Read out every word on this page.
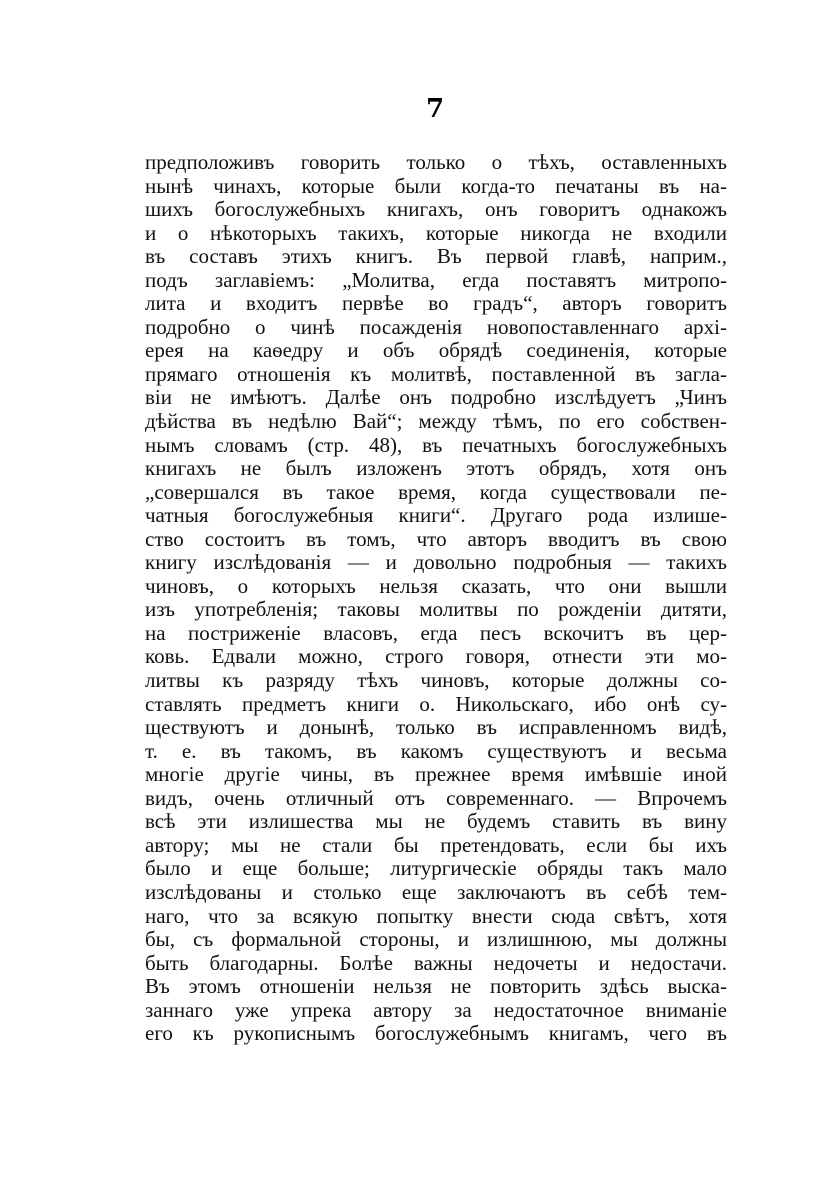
7
предположивъ говорить только о тѣхъ, оставленныхъ
нынѣ чинахъ, которые были когда-то печатаны въ на-
шихъ богослужебныхъ книгахъ, онъ говоритъ однакожъ
и о нѣкоторыхъ такихъ, которые никогда не входили
въ составъ этихъ книгъ. Въ первой главѣ, наприм.,
подъ заглавіемъ: „Молитва, егда поставятъ митропо-
лита и входитъ первѣе во градъ“, авторъ говоритъ
подробно о чинѣ посажденія новопоставленнаго архі-
ерея на каѳедру и объ обрядѣ соединенія, которые
прямаго отношенія къ молитвѣ, поставленной въ загла-
віи не имѣютъ. Далѣе онъ подробно изслѣдуетъ „Чинъ
дѣйства въ недѣлю Вай“; между тѣмъ, по его собствен-
нымъ словамъ (стр. 48), въ печатныхъ богослужебныхъ
книгахъ не былъ изложенъ этотъ обрядъ, хотя онъ
„совершался въ такое время, когда существовали пе-
чатныя богослужебныя книги“. Другаго рода излише-
ство состоитъ въ томъ, что авторъ вводитъ въ свою
книгу изслѣдованія — и довольно подробныя — такихъ
чиновъ, о которыхъ нельзя сказать, что они вышли
изъ употребленія; таковы молитвы по рожденіи дитяти,
на постриженіе власовъ, егда песъ вскочитъ въ цер-
ковь. Едвали можно, строго говоря, отнести эти мо-
литвы къ разряду тѣхъ чиновъ, которые должны со-
ставлять предметъ книги о. Никольскаго, ибо онѣ су-
ществуютъ и донынѣ, только въ исправленномъ видѣ,
т. е. въ такомъ, въ какомъ существуютъ и весьма
многіе другіе чины, въ прежнее время имѣвшіе иной
видъ, очень отличный отъ современнаго. — Впрочемъ
всѣ эти излишества мы не будемъ ставить въ вину
автору; мы не стали бы претендовать, если бы ихъ
было и еще больше; литургическіе обряды такъ мало
изслѣдованы и столько еще заключаютъ въ себѣ тем-
наго, что за всякую попытку внести сюда свѣтъ, хотя
бы, съ формальной стороны, и излишнюю, мы должны
быть благодарны. Болѣе важны недочеты и недостачи.
Въ этомъ отношеніи нельзя не повторить здѣсь выска-
заннаго уже упрека автору за недостаточное вниманіе
его къ рукописнымъ богослужебнымъ книгамъ, чего въ
